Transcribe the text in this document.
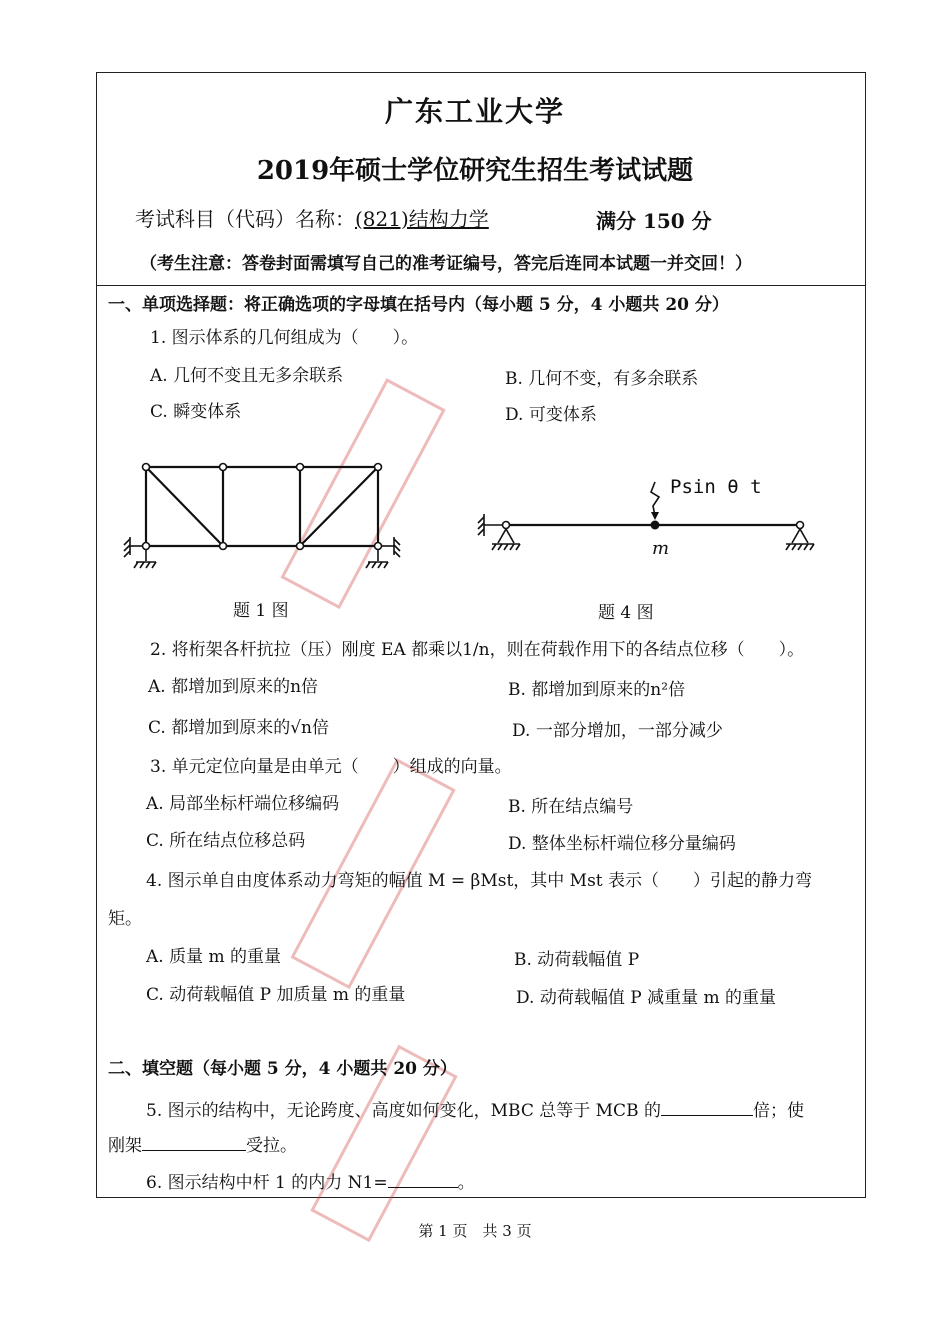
广东工业大学
2019年硕士学位研究生招生考试试题
考试科目（代码）名称：(821)结构力学	满分 150 分
（考生注意：答卷封面需填写自己的准考证编号，答完后连同本试题一并交回！）
一、单项选择题：将正确选项的字母填在括号内（每小题 5 分，4 小题共 20 分）
1. 图示体系的几何组成为（　　）。
A. 几何不变且无多余联系	B. 几何不变，有多余联系
C. 瞬变体系	D. 可变体系
题 1 图
Psin θ t
m
题 4 图
2. 将桁架各杆抗拉（压）刚度 EA 都乘以1/n，则在荷载作用下的各结点位移（　　）。
A. 都增加到原来的n倍	B. 都增加到原来的n²倍
C. 都增加到原来的√n倍	D. 一部分增加，一部分减少
3. 单元定位向量是由单元（　　）组成的向量。
A. 局部坐标杆端位移编码	B. 所在结点编号
C. 所在结点位移总码	D. 整体坐标杆端位移分量编码
4. 图示单自由度体系动力弯矩的幅值 M = βMst，其中 Mst 表示（　　）引起的静力弯
矩。
A. 质量 m 的重量	B. 动荷载幅值 P
C. 动荷载幅值 P 加质量 m 的重量	D. 动荷载幅值 P 减重量 m 的重量
二、填空题（每小题 5 分，4 小题共 20 分）
5. 图示的结构中，无论跨度、高度如何变化，MBC 总等于 MCB 的	倍；使
刚架	受拉。
6. 图示结构中杆 1 的内力 N1=	。
第 1 页　共 3 页
